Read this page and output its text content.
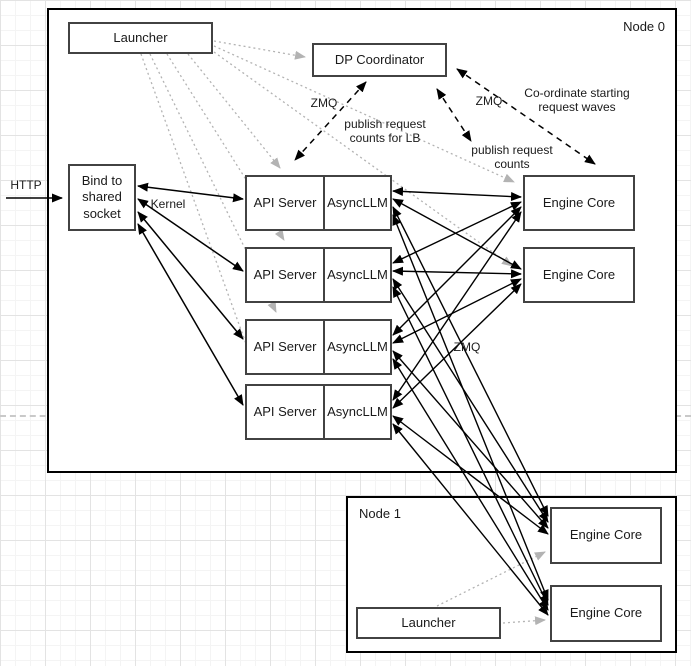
Node 0
Node 1
Launcher
DP Coordinator
Bind to shared socket
API Server AsyncLLM
API Server AsyncLLM
API Server AsyncLLM
API Server AsyncLLM
Engine Core
Engine Core
Engine Core
Engine Core
Launcher
HTTP
Kernel
ZMQ	ZMQ
ZMQ
publish request counts for LB
publish request counts
Co-ordinate starting request waves
